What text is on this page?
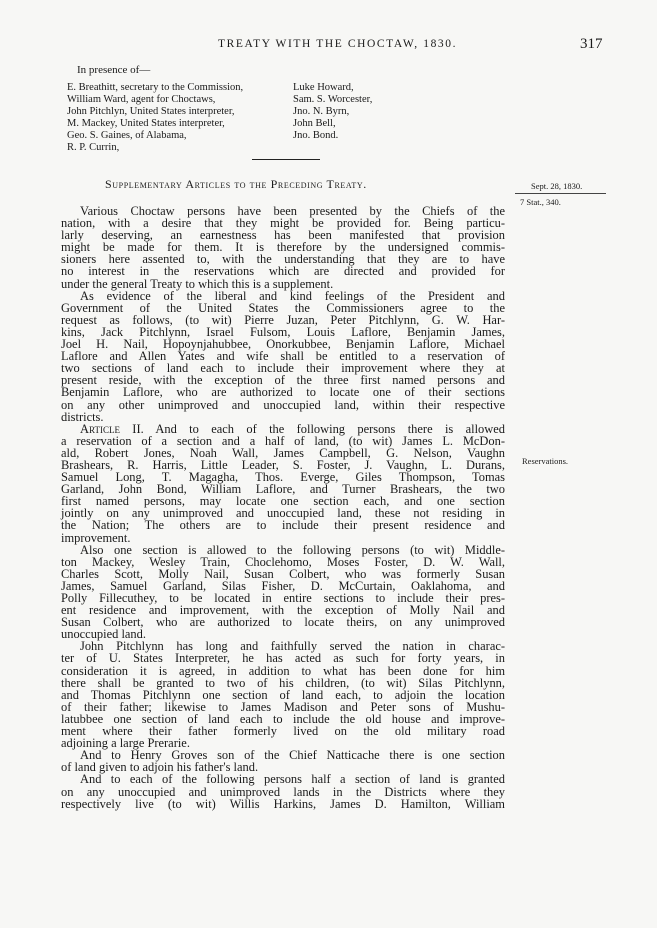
TREATY WITH THE CHOCTAW, 1830.	317
In presence of—
E. Breathitt, secretary to the Commission,
William Ward, agent for Choctaws,
John Pitchlyn, United States interpreter,
M. Mackey, United States interpreter,
Geo. S. Gaines, of Alabama,
R. P. Currin,
Luke Howard,
Sam. S. Worcester,
Jno. N. Byrn,
John Bell,
Jno. Bond.
Supplementary Articles to the Preceding Treaty.	Sept. 28, 1830.
7 Stat., 340.
Reservations.
Various Choctaw persons have been presented by the Chiefs of the
nation, with a desire that they might be provided for. Being particu-
larly deserving, an earnestness has been manifested that provision
might be made for them. It is therefore by the undersigned commis-
sioners here assented to, with the understanding that they are to have
no interest in the reservations which are directed and provided for
under the general Treaty to which this is a supplement.
As evidence of the liberal and kind feelings of the President and
Government of the United States the Commissioners agree to the
request as follows, (to wit) Pierre Juzan, Peter Pitchlynn, G. W. Har-
kins, Jack Pitchlynn, Israel Fulsom, Louis Laflore, Benjamin James,
Joel H. Nail, Hopoynjahubbee, Onorkubbee, Benjamin Laflore, Michael
Laflore and Allen Yates and wife shall be entitled to a reservation of
two sections of land each to include their improvement where they at
present reside, with the exception of the three first named persons and
Benjamin Laflore, who are authorized to locate one of their sections
on any other unimproved and unoccupied land, within their respective
districts.
Article II. And to each of the following persons there is allowed
a reservation of a section and a half of land, (to wit) James L. McDon-
ald, Robert Jones, Noah Wall, James Campbell, G. Nelson, Vaughn
Brashears, R. Harris, Little Leader, S. Foster, J. Vaughn, L. Durans,
Samuel Long, T. Magagha, Thos. Everge, Giles Thompson, Tomas
Garland, John Bond, William Laflore, and Turner Brashears, the two
first named persons, may locate one section each, and one section
jointly on any unimproved and unoccupied land, these not residing in
the Nation; The others are to include their present residence and
improvement.
Also one section is allowed to the following persons (to wit) Middle-
ton Mackey, Wesley Train, Choclehomo, Moses Foster, D. W. Wall,
Charles Scott, Molly Nail, Susan Colbert, who was formerly Susan
James, Samuel Garland, Silas Fisher, D. McCurtain, Oaklahoma, and
Polly Fillecuthey, to be located in entire sections to include their pres-
ent residence and improvement, with the exception of Molly Nail and
Susan Colbert, who are authorized to locate theirs, on any unimproved
unoccupied land.
John Pitchlynn has long and faithfully served the nation in charac-
ter of U. States Interpreter, he has acted as such for forty years, in
consideration it is agreed, in addition to what has been done for him
there shall be granted to two of his children, (to wit) Silas Pitchlynn,
and Thomas Pitchlynn one section of land each, to adjoin the location
of their father; likewise to James Madison and Peter sons of Mushu-
latubbee one section of land each to include the old house and improve-
ment where their father formerly lived on the old military road
adjoining a large Prerarie.
And to Henry Groves son of the Chief Natticache there is one section
of land given to adjoin his father's land.
And to each of the following persons half a section of land is granted
on any unoccupied and unimproved lands in the Districts where they
respectively live (to wit) Willis Harkins, James D. Hamilton, William
